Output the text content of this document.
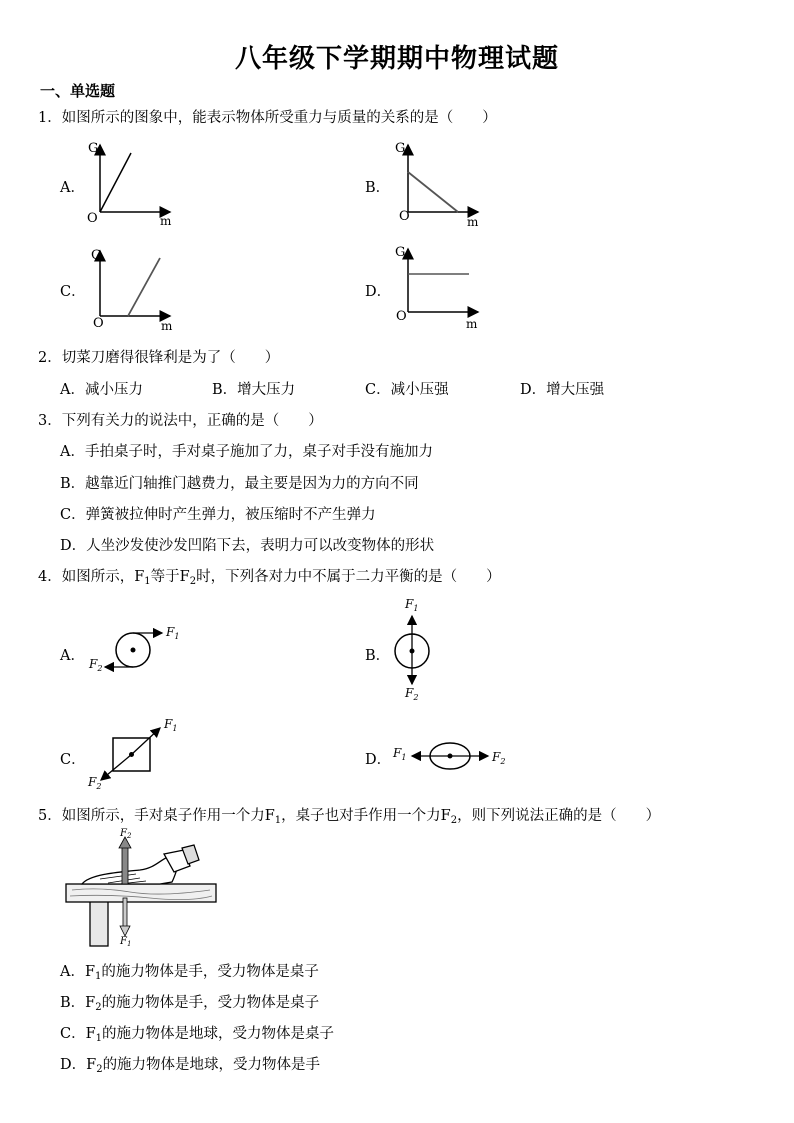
八年级下学期期中物理试题
一、单选题
1．如图所示的图象中，能表示物体所受重力与质量的关系的是（　　）
A．
G
O	m
B．
G
O	m
C．
G
O	m
D．
G
O	m
2．切菜刀磨得很锋利是为了（　　）
A．减小压力	B．增大压力	C．减小压强	D．增大压强
3．下列有关力的说法中，正确的是（　　）
A．手拍桌子时，手对桌子施加了力，桌子对手没有施加力
B．越靠近门轴推门越费力，最主要是因为力的方向不同
C．弹簧被拉伸时产生弹力，被压缩时不产生弹力
D．人坐沙发使沙发凹陷下去，表明力可以改变物体的形状
4．如图所示，$F_1$等于$F_2$时，下列各对力中不属于二力平衡的是（　　）
A．
$F_1$
$F_2$
B．
$F_1$
$F_2$
C．
$F_1$
$F_2$
D． $F_1$	$F_2$
5．如图所示，手对桌子作用一个力$F_1$，桌子也对手作用一个力$F_2$，则下列说法正确的是（　　）
$F_2$
$F_1$
A．$F_1$的施力物体是手，受力物体是桌子
B．$F_2$的施力物体是手，受力物体是桌子
C．$F_1$的施力物体是地球，受力物体是桌子
D．$F_2$的施力物体是地球，受力物体是手
